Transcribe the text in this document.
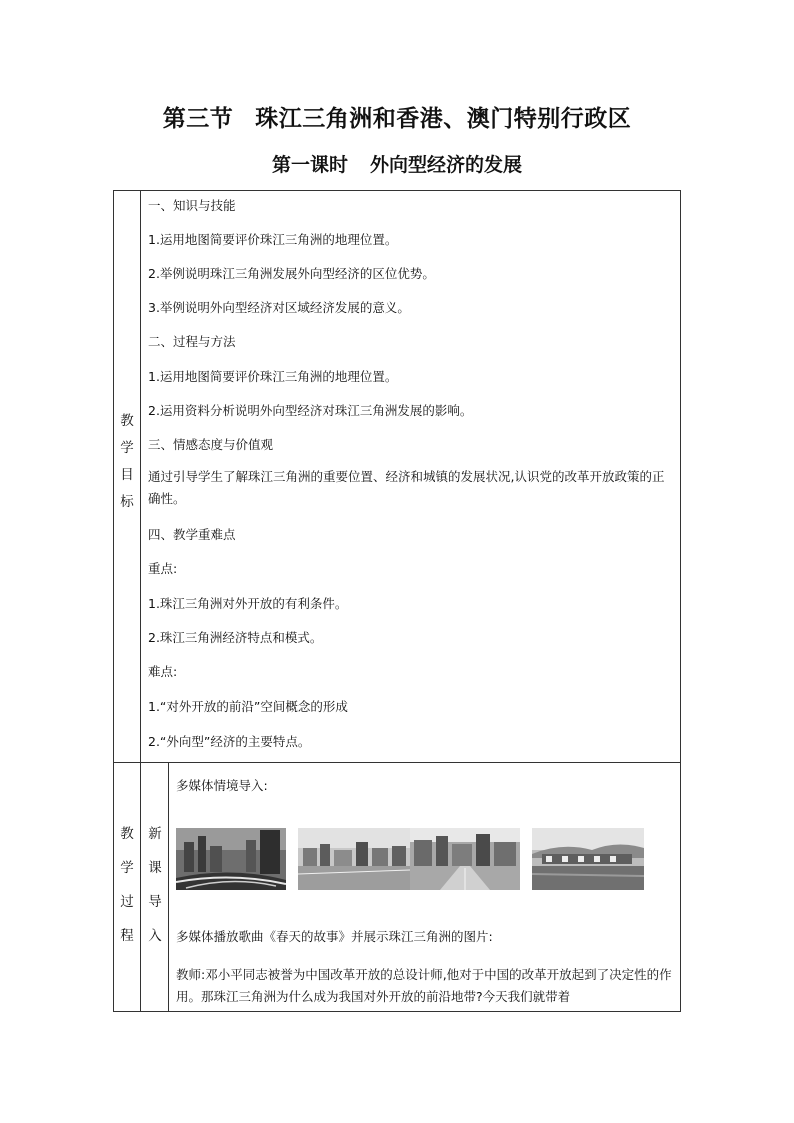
第三节 珠江三角洲和香港、澳门特别行政区
第一课时 外向型经济的发展
教
学
目
标
一、知识与技能
1.运用地图简要评价珠江三角洲的地理位置。
2.举例说明珠江三角洲发展外向型经济的区位优势。
3.举例说明外向型经济对区域经济发展的意义。
二、过程与方法
1.运用地图简要评价珠江三角洲的地理位置。
2.运用资料分析说明外向型经济对珠江三角洲发展的影响。
三、情感态度与价值观
通过引导学生了解珠江三角洲的重要位置、经济和城镇的发展状况,认识党的改革开放政策的正确性。
四、教学重难点
重点:
1.珠江三角洲对外开放的有利条件。
2.珠江三角洲经济特点和模式。
难点:
1.“对外开放的前沿”空间概念的形成
2.“外向型”经济的主要特点。
教
学
过
程
新
课
导
入
多媒体情境导入:
多媒体播放歌曲《春天的故事》并展示珠江三角洲的图片:
教师:邓小平同志被誉为中国改革开放的总设计师,他对于中国的改革开放起到了决定性的作用。那珠江三角洲为什么成为我国对外开放的前沿地带?今天我们就带着
